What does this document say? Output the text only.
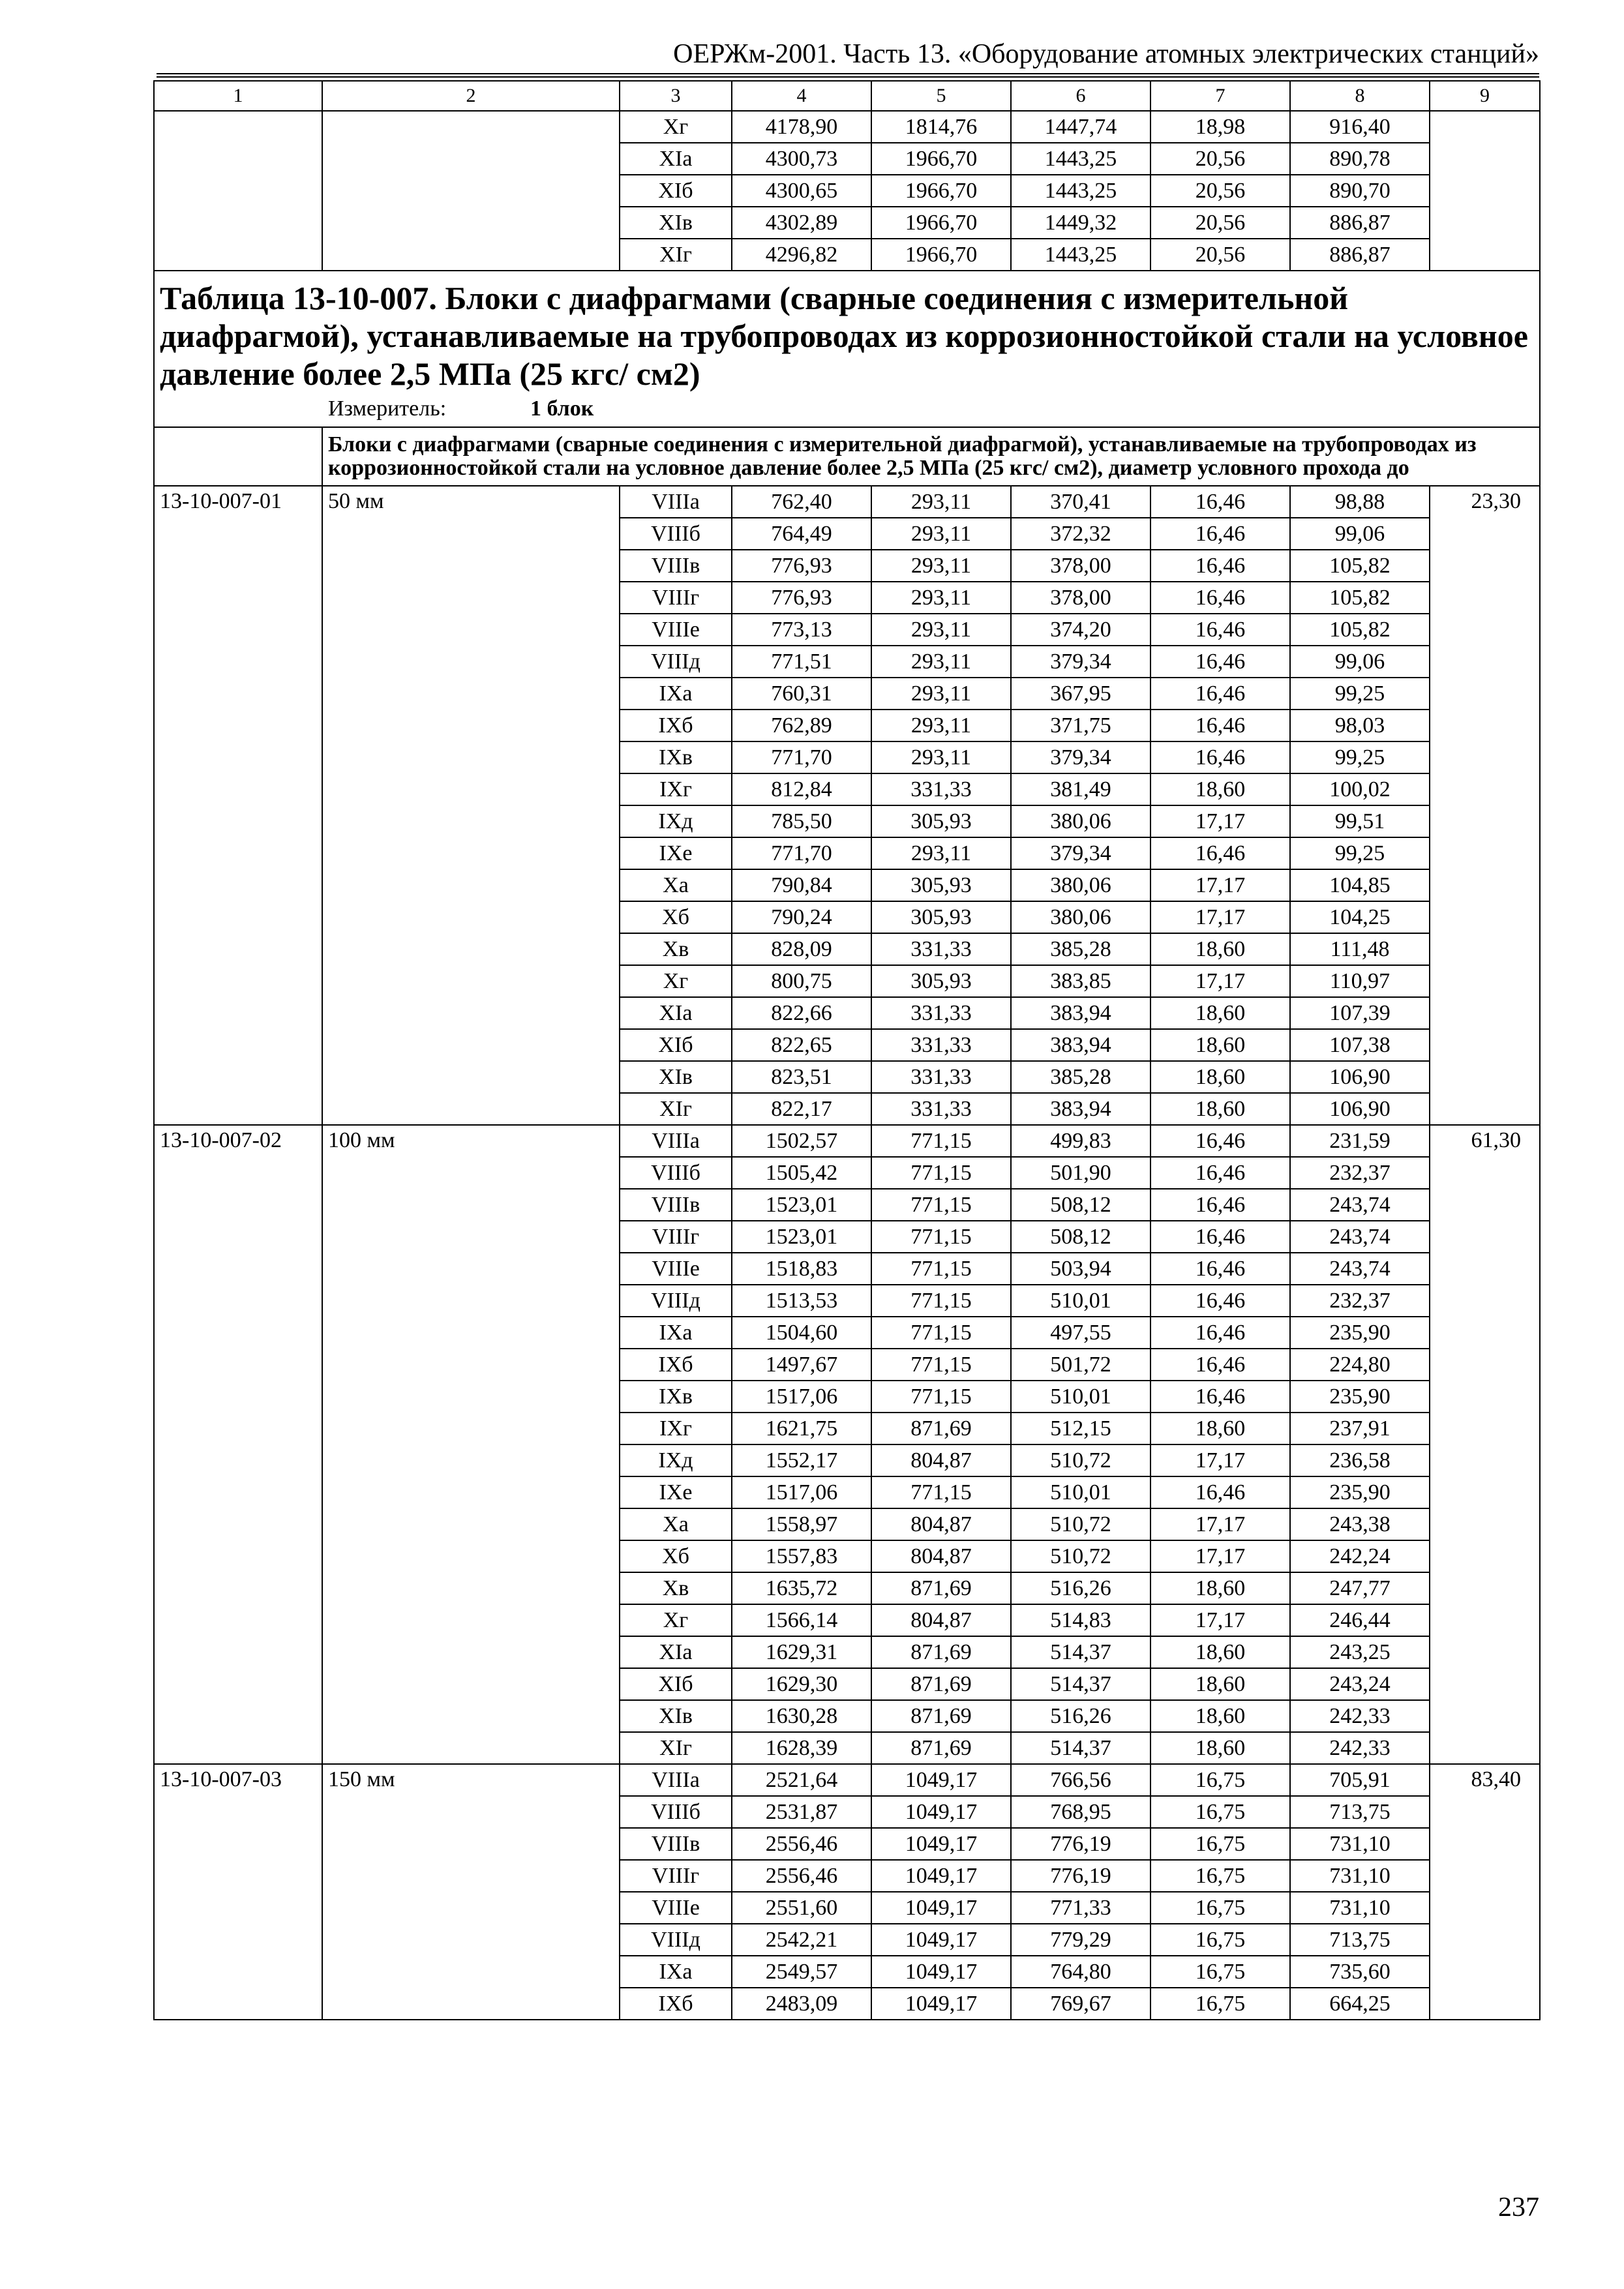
ОЕРЖм-2001. Часть 13. «Оборудование атомных электрических станций»
1	2	3	4	5	6	7	8	9
		Хг	4178,90	1814,76	1447,74	18,98	916,40	
		ХIа	4300,73	1966,70	1443,25	20,56	890,78	
		ХIб	4300,65	1966,70	1443,25	20,56	890,70	
		ХIв	4302,89	1966,70	1449,32	20,56	886,87	
		ХIг	4296,82	1966,70	1443,25	20,56	886,87	

Таблица 13-10-007. Блоки с диафрагмами (сварные соединения с измерительной диафрагмой), устанавливаемые на трубопроводах из коррозионностойкой стали на условное давление более 2,5 МПа (25 кгс/ см2)
Измеритель: 1 блок								

	Блоки с диафрагмами (сварные соединения с измерительной диафрагмой), устанавливаемые на трубопроводах из коррозионностойкой стали на условное давление более 2,5 МПа (25 кгс/ см2), диаметр условного прохода до							
13-10-007-01	50 мм	VIIIа	762,40	293,11	370,41	16,46	98,88	23,30
		VIIIб	764,49	293,11	372,32	16,46	99,06	
		VIIIв	776,93	293,11	378,00	16,46	105,82	
		VIIIг	776,93	293,11	378,00	16,46	105,82	
		VIIIе	773,13	293,11	374,20	16,46	105,82	
		VIIIд	771,51	293,11	379,34	16,46	99,06	
		IХа	760,31	293,11	367,95	16,46	99,25	
		IХб	762,89	293,11	371,75	16,46	98,03	
		IХв	771,70	293,11	379,34	16,46	99,25	
		IХг	812,84	331,33	381,49	18,60	100,02	
		IХд	785,50	305,93	380,06	17,17	99,51	
		IХе	771,70	293,11	379,34	16,46	99,25	
		Ха	790,84	305,93	380,06	17,17	104,85	
		Хб	790,24	305,93	380,06	17,17	104,25	
		Хв	828,09	331,33	385,28	18,60	111,48	
		Хг	800,75	305,93	383,85	17,17	110,97	
		ХIа	822,66	331,33	383,94	18,60	107,39	
		ХIб	822,65	331,33	383,94	18,60	107,38	
		ХIв	823,51	331,33	385,28	18,60	106,90	
		ХIг	822,17	331,33	383,94	18,60	106,90	
13-10-007-02	100 мм	VIIIа	1502,57	771,15	499,83	16,46	231,59	61,30
		VIIIб	1505,42	771,15	501,90	16,46	232,37	
		VIIIв	1523,01	771,15	508,12	16,46	243,74	
		VIIIг	1523,01	771,15	508,12	16,46	243,74	
		VIIIе	1518,83	771,15	503,94	16,46	243,74	
		VIIIд	1513,53	771,15	510,01	16,46	232,37	
		IХа	1504,60	771,15	497,55	16,46	235,90	
		IХб	1497,67	771,15	501,72	16,46	224,80	
		IХв	1517,06	771,15	510,01	16,46	235,90	
		IХг	1621,75	871,69	512,15	18,60	237,91	
		IХд	1552,17	804,87	510,72	17,17	236,58	
		IХе	1517,06	771,15	510,01	16,46	235,90	
		Ха	1558,97	804,87	510,72	17,17	243,38	
		Хб	1557,83	804,87	510,72	17,17	242,24	
		Хв	1635,72	871,69	516,26	18,60	247,77	
		Хг	1566,14	804,87	514,83	17,17	246,44	
		ХIа	1629,31	871,69	514,37	18,60	243,25	
		ХIб	1629,30	871,69	514,37	18,60	243,24	
		ХIв	1630,28	871,69	516,26	18,60	242,33	
		ХIг	1628,39	871,69	514,37	18,60	242,33	
13-10-007-03	150 мм	VIIIа	2521,64	1049,17	766,56	16,75	705,91	83,40
		VIIIб	2531,87	1049,17	768,95	16,75	713,75	
		VIIIв	2556,46	1049,17	776,19	16,75	731,10	
		VIIIг	2556,46	1049,17	776,19	16,75	731,10	
		VIIIе	2551,60	1049,17	771,33	16,75	731,10	
		VIIIд	2542,21	1049,17	779,29	16,75	713,75	
		IХа	2549,57	1049,17	764,80	16,75	735,60	
		IХб	2483,09	1049,17	769,67	16,75	664,25	
237
